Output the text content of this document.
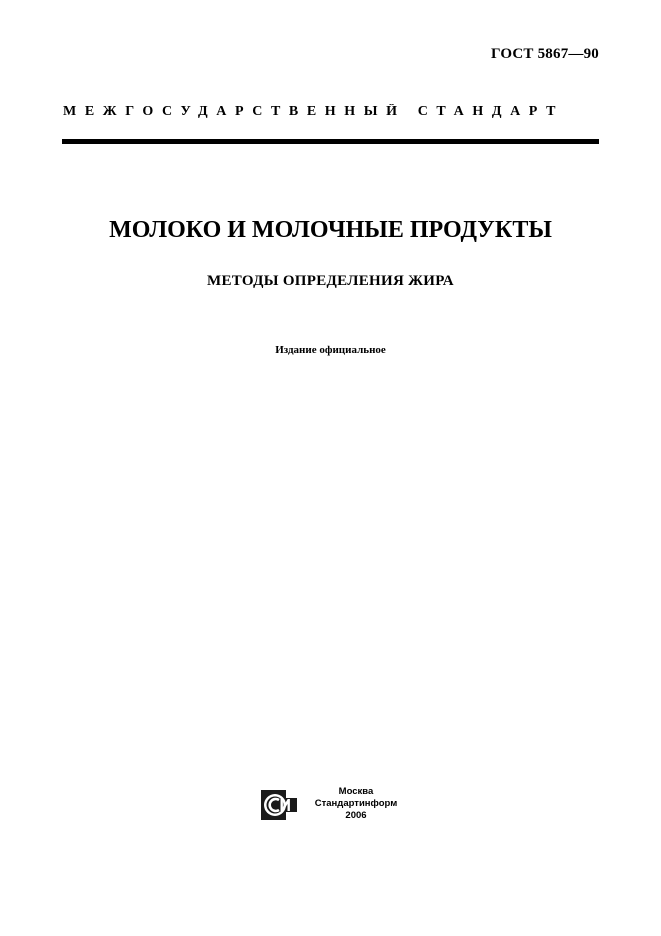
ГОСТ 5867—90
МЕЖГОСУДАРСТВЕННЫЙ СТАНДАРТ
МОЛОКО И МОЛОЧНЫЕ ПРОДУКТЫ
МЕТОДЫ ОПРЕДЕЛЕНИЯ ЖИРА
Издание официальное
Москва
Стандартинформ
2006
